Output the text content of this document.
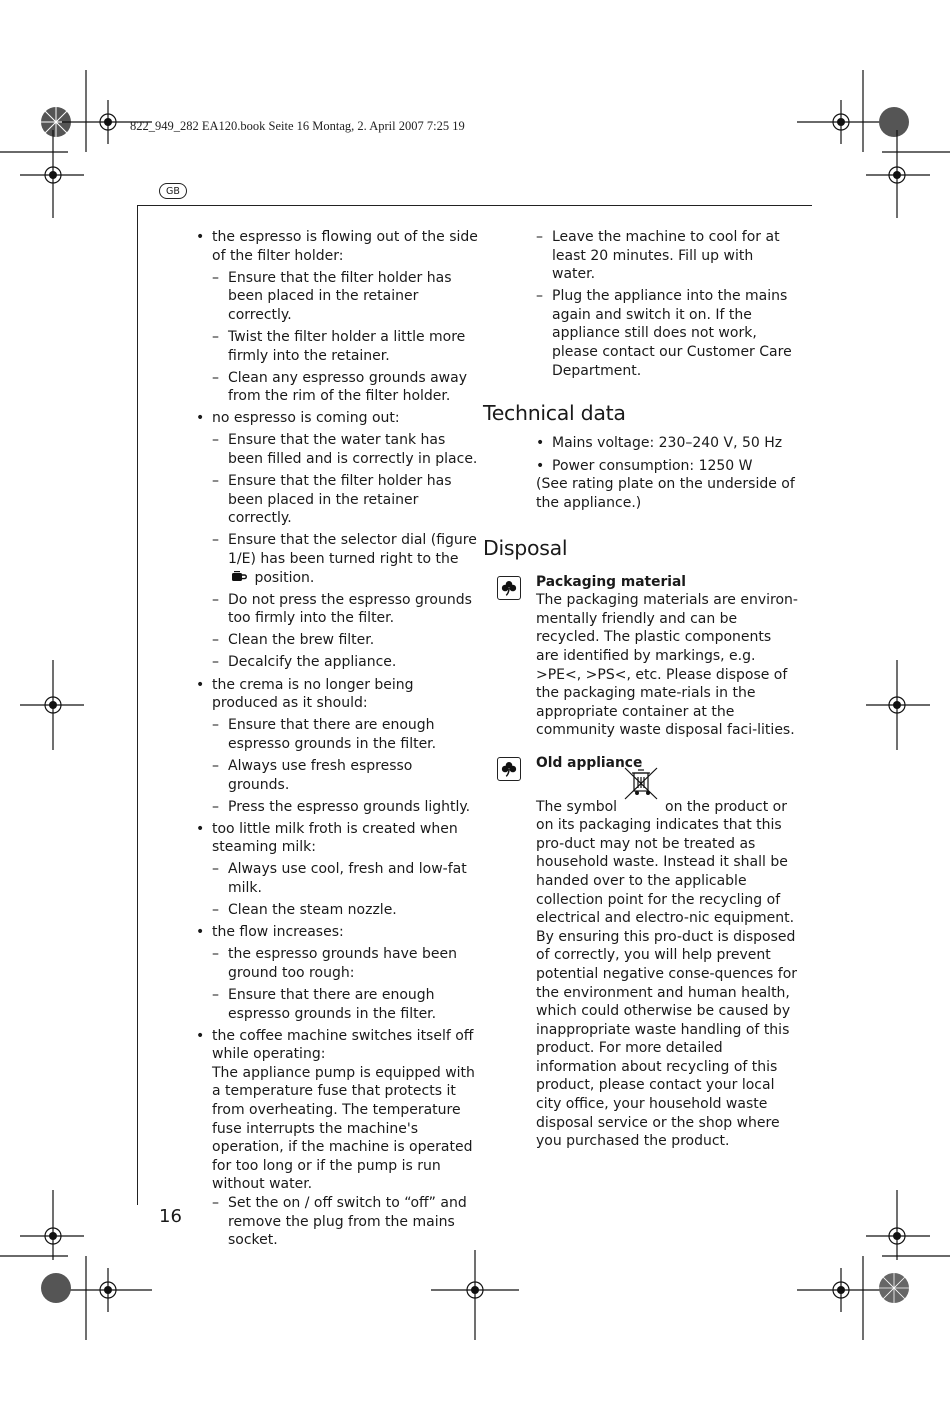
822_949_282 EA120.book Seite 16 Montag, 2. April 2007 7:25 19
GB
16
• the espresso is flowing out of the side of the filter holder:
– Ensure that the filter holder has been placed in the retainer correctly.
– Twist the filter holder a little more firmly into the retainer.
– Clean any espresso grounds away from the rim of the filter holder.
• no espresso is coming out:
– Ensure that the water tank has been filled and is correctly in place.
– Ensure that the filter holder has been placed in the retainer correctly.
– Ensure that the selector dial (figure 1/E) has been turned right to the  position.
– Do not press the espresso grounds too firmly into the filter.
– Clean the brew filter.
– Decalcify the appliance.
• the crema is no longer being produced as it should:
– Ensure that there are enough espresso grounds in the filter.
– Always use fresh espresso grounds.
– Press the espresso grounds lightly.
• too little milk froth is created when steaming milk:
– Always use cool, fresh and low-fat milk.
– Clean the steam nozzle.
• the flow increases:
– the espresso grounds have been ground too rough:
– Ensure that there are enough espresso grounds in the filter.
• the coffee machine switches itself off while operating:
The appliance pump is equipped with a temperature fuse that protects it from overheating. The temperature fuse interrupts the machine's operation, if the machine is operated for too long or if the pump is run without water.
– Set the on / off switch to “off” and remove the plug from the mains socket.
– Leave the machine to cool for at least 20 minutes. Fill up with water.
– Plug the appliance into the mains again and switch it on. If the appliance still does not work, please contact our Customer Care Department.
Technical data
• Mains voltage: 230–240 V, 50 Hz
• Power consumption: 1250 W
(See rating plate on the underside of the appliance.)
Disposal
Packaging material
The packaging materials are environ-mentally friendly and can be recycled. The plastic components are identified by markings, e.g. >PE<, >PS<, etc. Please dispose of the packaging mate-rials in the appropriate container at the community waste disposal faci-lities.
Old appliance
The symbol	on the product or on its packaging indicates that this pro-duct may not be treated as household waste. Instead it shall be handed over to the applicable collection point for the recycling of electrical and electro-nic equipment. By ensuring this pro-duct is disposed of correctly, you will help prevent potential negative conse-quences for the environment and human health, which could otherwise be caused by inappropriate waste handling of this product. For more detailed information about recycling of this product, please contact your local city office, your household waste disposal service or the shop where you purchased the product.
